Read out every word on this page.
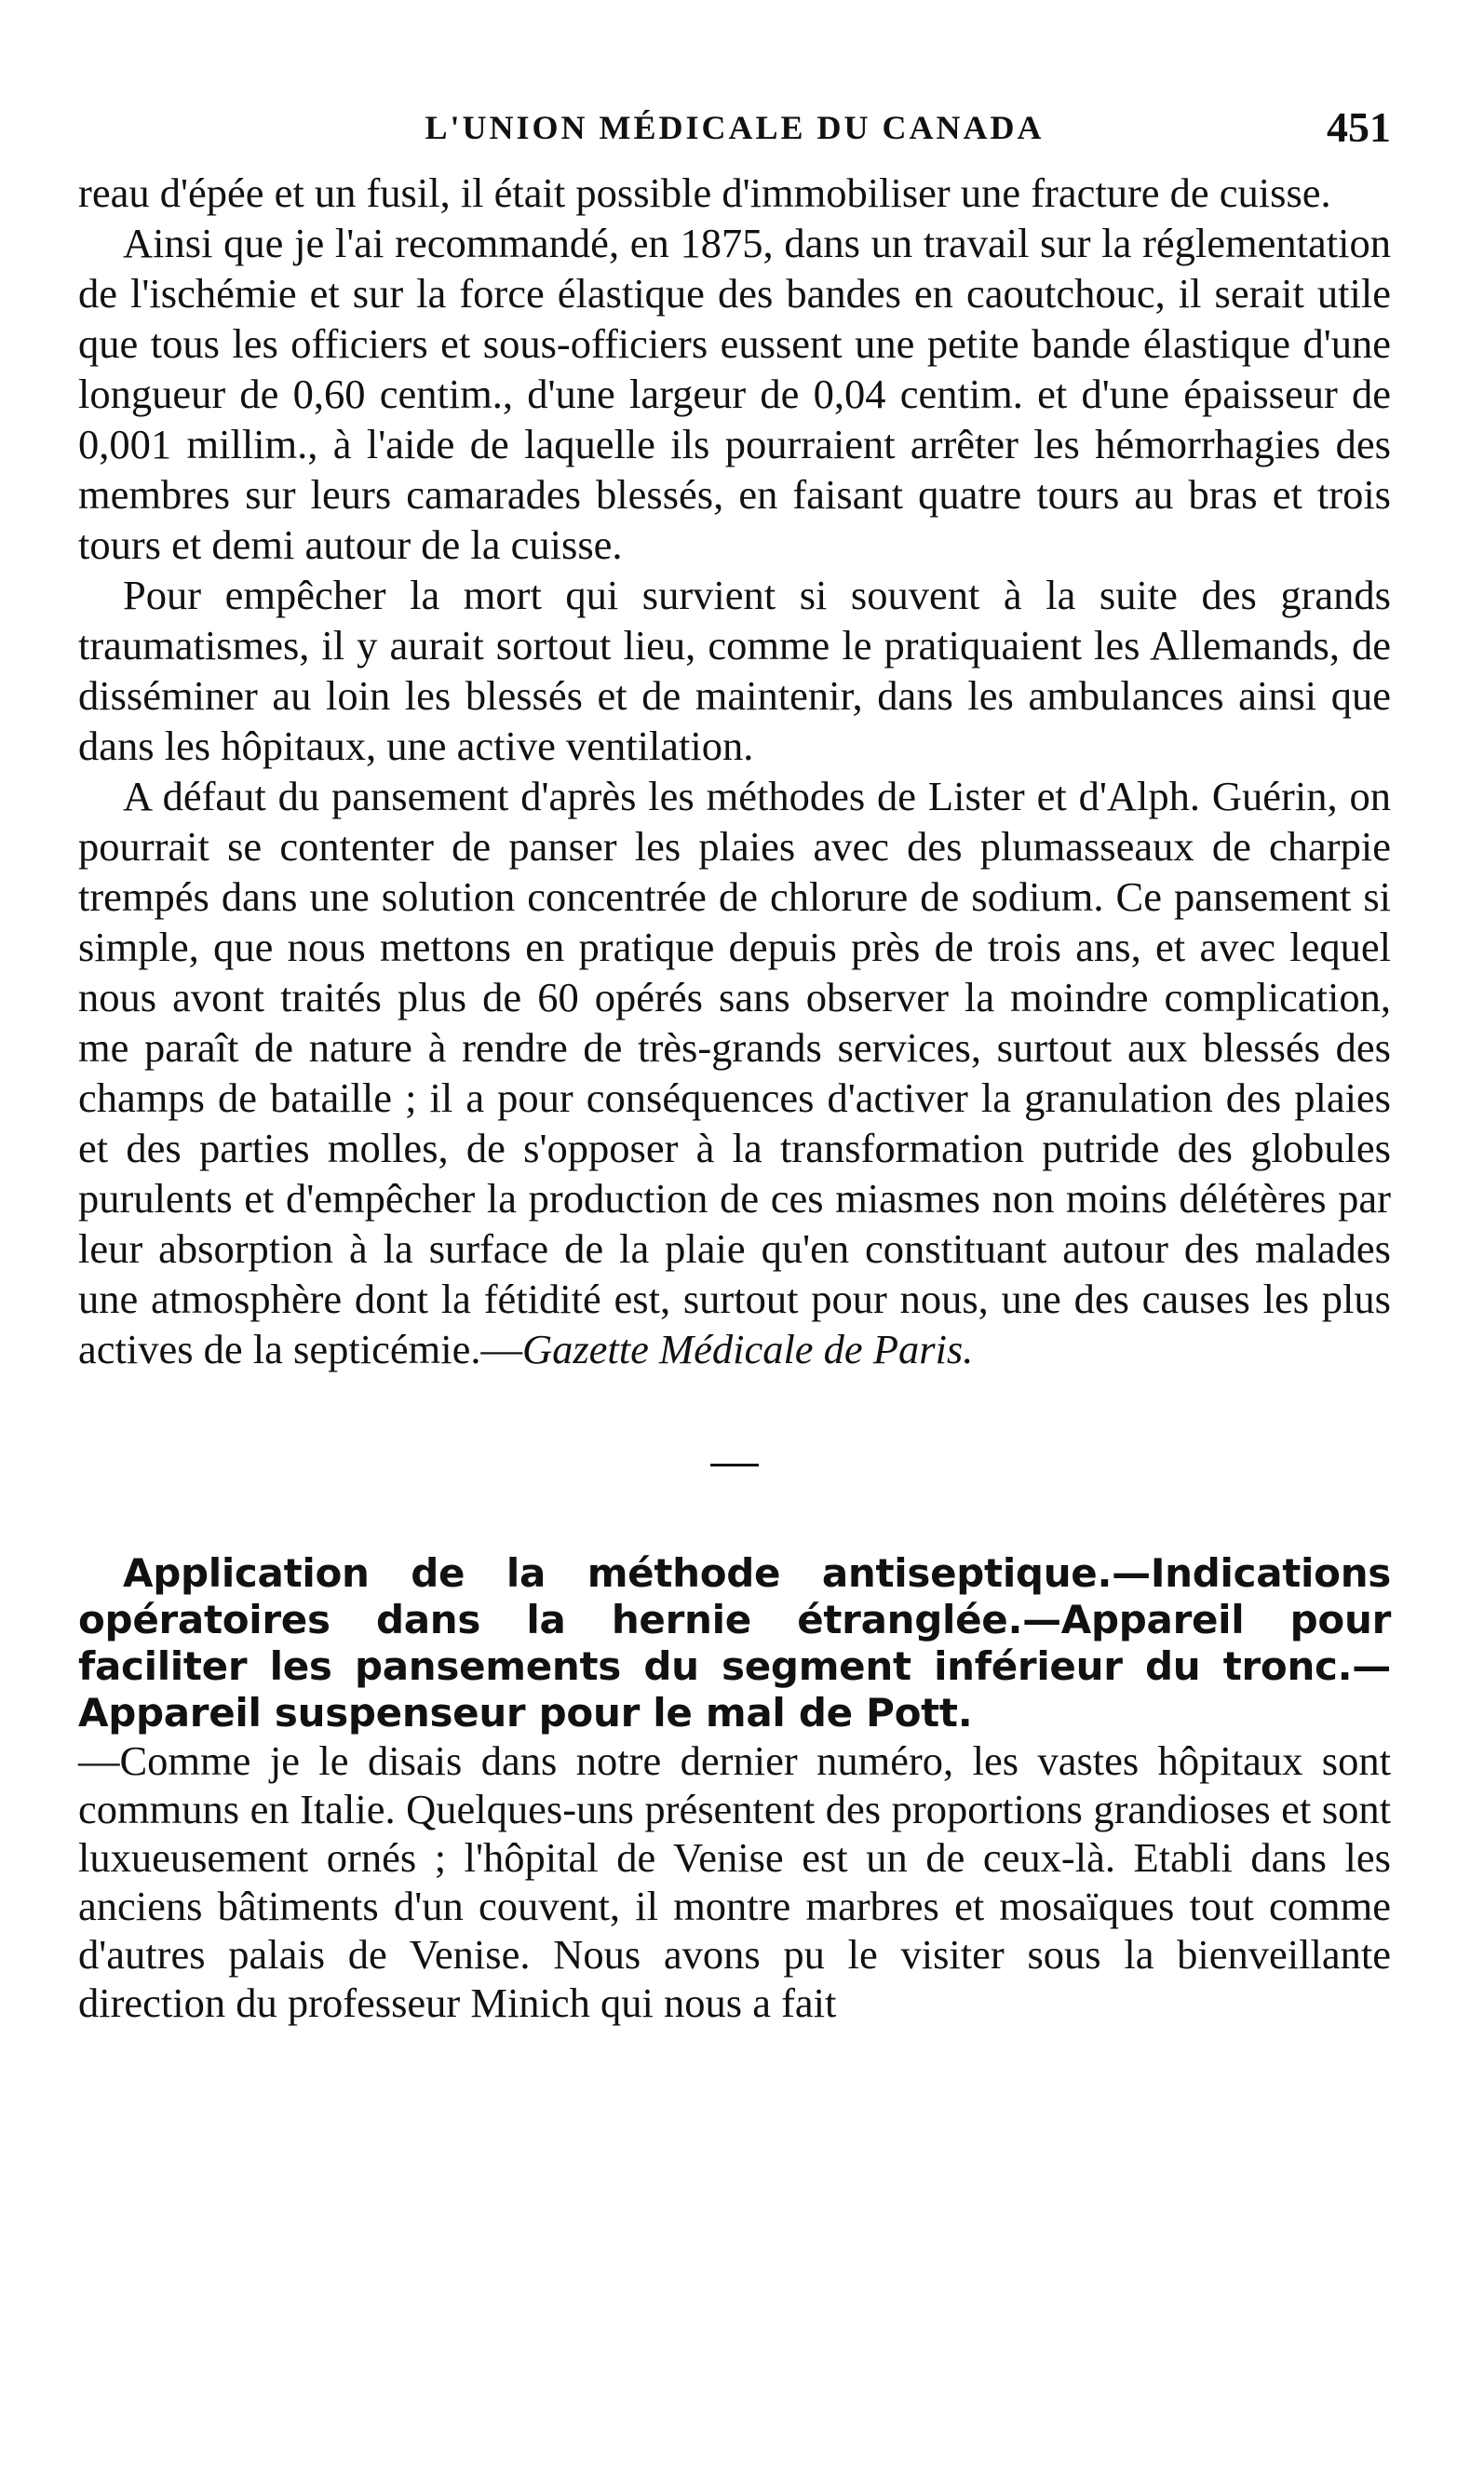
L'UNION MÉDICALE DU CANADA	451

reau d'épée et un fusil, il était possible d'immobiliser une fracture de cuisse.

Ainsi que je l'ai recommandé, en 1875, dans un travail sur la réglementation de l'ischémie et sur la force élastique des bandes en caoutchouc, il serait utile que tous les officiers et sous-officiers eussent une petite bande élastique d'une longueur de 0,60 centim., d'une largeur de 0,04 centim. et d'une épaisseur de 0,001 millim., à l'aide de laquelle ils pourraient arrêter les hémorrhagies des membres sur leurs camarades blessés, en faisant quatre tours au bras et trois tours et demi autour de la cuisse.

Pour empêcher la mort qui survient si souvent à la suite des grands traumatismes, il y aurait sortout lieu, comme le pratiquaient les Allemands, de disséminer au loin les blessés et de maintenir, dans les ambulances ainsi que dans les hôpitaux, une active ventilation.

A défaut du pansement d'après les méthodes de Lister et d'Alph. Guérin, on pourrait se contenter de panser les plaies avec des plumasseaux de charpie trempés dans une solution concentrée de chlorure de sodium. Ce pansement si simple, que nous mettons en pratique depuis près de trois ans, et avec lequel nous avont traités plus de 60 opérés sans observer la moindre complication, me paraît de nature à rendre de très-grands services, surtout aux blessés des champs de bataille ; il a pour conséquences d'activer la granulation des plaies et des parties molles, de s'opposer à la transformation putride des globules purulents et d'empêcher la production de ces miasmes non moins délétères par leur absorption à la surface de la plaie qu'en constituant autour des malades une atmosphère dont la fétidité est, surtout pour nous, une des causes les plus actives de la septicémie.—Gazette Médicale de Paris.

Application de la méthode antiseptique.—Indications opératoires dans la hernie étranglée.—Appareil pour faciliter les pansements du segment inférieur du tronc.—Appareil suspenseur pour le mal de Pott.

—Comme je le disais dans notre dernier numéro, les vastes hôpitaux sont communs en Italie. Quelques-uns présentent des proportions grandioses et sont luxueusement ornés ; l'hôpital de Venise est un de ceux-là. Etabli dans les anciens bâtiments d'un couvent, il montre marbres et mosaïques tout comme d'autres palais de Venise. Nous avons pu le visiter sous la bienveillante direction du professeur Minich qui nous a fait
